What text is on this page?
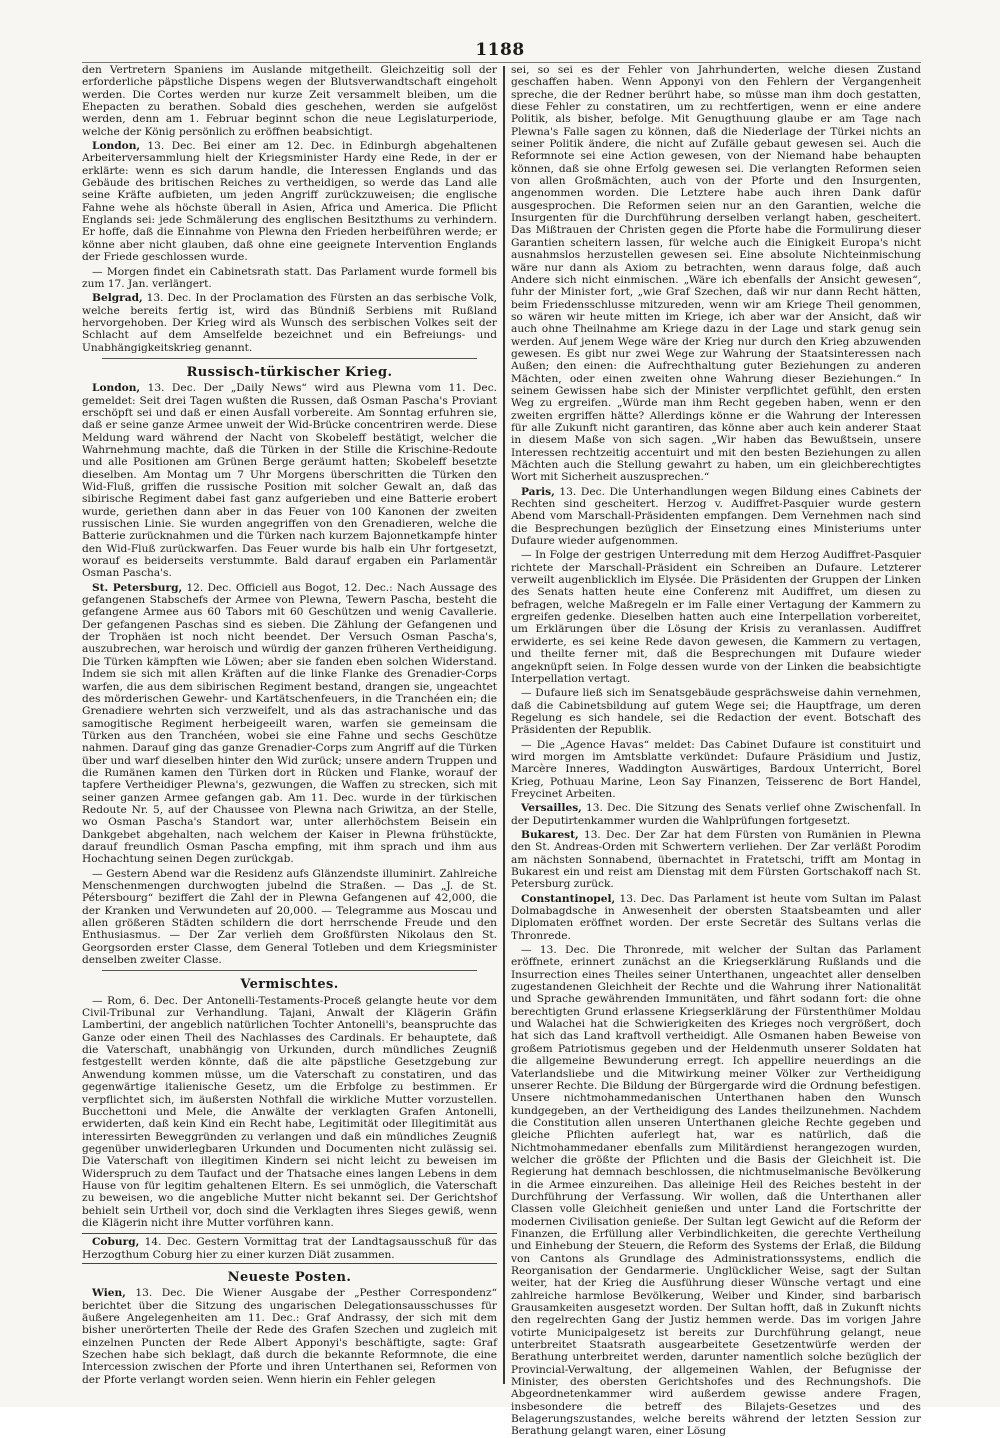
1188

den Vertretern Spaniens im Auslande mitgetheilt. Gleichzeitig soll der erforderliche päpstliche Dispens wegen der Blutsverwandtschaft eingeholt werden. Die Cortes werden nur kurze Zeit versammelt bleiben, um die Ehepacten zu berathen. Sobald dies geschehen, werden sie aufgelöst werden, denn am 1. Februar beginnt schon die neue Legislaturperiode, welche der König persönlich zu eröffnen beabsichtigt.

London, 13. Dec. Bei einer am 12. Dec. in Edinburgh abgehaltenen Arbeiterversammlung hielt der Kriegsminister Hardy eine Rede, in der er erklärte: wenn es sich darum handle, die Interessen Englands und das Gebäude des britischen Reiches zu vertheidigen, so werde das Land alle seine Kräfte aufbieten, um jeden Angriff zurückzuweisen; die englische Fahne wehe als höchste überall in Asien, Africa und America. Die Pflicht Englands sei: jede Schmälerung des englischen Besitzthums zu verhindern. Er hoffe, daß die Einnahme von Plewna den Frieden herbeiführen werde; er könne aber nicht glauben, daß ohne eine geeignete Intervention Englands der Friede geschlossen wurde.

— Morgen findet ein Cabinetsrath statt. Das Parlament wurde formell bis zum 17. Jan. verlängert.

Belgrad, 13. Dec. In der Proclamation des Fürsten an das serbische Volk, welche bereits fertig ist, wird das Bündniß Serbiens mit Rußland hervorgehoben. Der Krieg wird als Wunsch des serbischen Volkes seit der Schlacht auf dem Amselfelde bezeichnet und ein Befreiungs- und Unabhängigkeitskrieg genannt.

Russisch-türkischer Krieg.

London, 13. Dec. Der „Daily News“ wird aus Plewna vom 11. Dec. gemeldet: Seit drei Tagen wußten die Russen, daß Osman Pascha's Proviant erschöpft sei und daß er einen Ausfall vorbereite. Am Sonntag erfuhren sie, daß er seine ganze Armee unweit der Wid-Brücke concentriren werde. Diese Meldung ward während der Nacht von Skobeleff bestätigt, welcher die Wahrnehmung machte, daß die Türken in der Stille die Krischine-Redoute und alle Positionen am Grünen Berge geräumt hatten; Skobeleff besetzte dieselben. Am Montag um 7 Uhr Morgens überschritten die Türken den Wid-Fluß, griffen die russische Position mit solcher Gewalt an, daß das sibirische Regiment dabei fast ganz aufgerieben und eine Batterie erobert wurde, geriethen dann aber in das Feuer von 100 Kanonen der zweiten russischen Linie. Sie wurden angegriffen von den Grenadieren, welche die Batterie zurücknahmen und die Türken nach kurzem Bajonnetkampfe hinter den Wid-Fluß zurückwarfen. Das Feuer wurde bis halb ein Uhr fortgesetzt, worauf es beiderseits verstummte. Bald darauf ergaben ein Parlamentär Osman Pascha's.

St. Petersburg, 12. Dec. Officiell aus Bogot, 12. Dec.: Nach Aussage des gefangenen Stabschefs der Armee von Plewna, Tewern Pascha, besteht die gefangene Armee aus 60 Tabors mit 60 Geschützen und wenig Cavallerie. Der gefangenen Paschas sind es sieben. Die Zählung der Gefangenen und der Trophäen ist noch nicht beendet. Der Versuch Osman Pascha's, auszubrechen, war heroisch und würdig der ganzen früheren Vertheidigung. Die Türken kämpften wie Löwen; aber sie fanden eben solchen Widerstand. Indem sie sich mit allen Kräften auf die linke Flanke des Grenadier-Corps warfen, die aus dem sibirischen Regiment bestand, drangen sie, ungeachtet des mörderischen Gewehr- und Kartätschenfeuers, in die Tranchéen ein; die Grenadiere wehrten sich verzweifelt, und als das astrachanische und das samogitische Regiment herbeigeeilt waren, warfen sie gemeinsam die Türken aus den Tranchéen, wobei sie eine Fahne und sechs Geschütze nahmen. Darauf ging das ganze Grenadier-Corps zum Angriff auf die Türken über und warf dieselben hinter den Wid zurück; unsere andern Truppen und die Rumänen kamen den Türken dort in Rücken und Flanke, worauf der tapfere Vertheidiger Plewna's, gezwungen, die Waffen zu strecken, sich mit seiner ganzen Armee gefangen gab. Am 11. Dec. wurde in der türkischen Redoute Nr. 5, auf der Chaussee von Plewna nach Griwitza, an der Stelle, wo Osman Pascha's Standort war, unter allerhöchstem Beisein ein Dankgebet abgehalten, nach welchem der Kaiser in Plewna frühstückte, darauf freundlich Osman Pascha empfing, mit ihm sprach und ihm aus Hochachtung seinen Degen zurückgab.

— Gestern Abend war die Residenz aufs Glänzendste illuminirt. Zahlreiche Menschenmengen durchwogten jubelnd die Straßen. — Das „J. de St. Pétersbourg“ beziffert die Zahl der in Plewna Gefangenen auf 42,000, die der Kranken und Verwundeten auf 20,000. — Telegramme aus Moscau und allen größeren Städten schildern die dort herrschende Freude und den Enthusiasmus. — Der Zar verlieh dem Großfürsten Nikolaus den St. Georgsorden erster Classe, dem General Totleben und dem Kriegsminister denselben zweiter Classe.

Vermischtes.

— Rom, 6. Dec. Der Antonelli-Testaments-Proceß gelangte heute vor dem Civil-Tribunal zur Verhandlung. Tajani, Anwalt der Klägerin Gräfin Lambertini, der angeblich natürlichen Tochter Antonelli's, beanspruchte das Ganze oder einen Theil des Nachlasses des Cardinals. Er behauptete, daß die Vaterschaft, unabhängig von Urkunden, durch mündliches Zeugniß festgestellt werden könnte, daß die alte päpstliche Gesetzgebung zur Anwendung kommen müsse, um die Vaterschaft zu constatiren, und das gegenwärtige italienische Gesetz, um die Erbfolge zu bestimmen. Er verpflichtet sich, im äußersten Nothfall die wirkliche Mutter vorzustellen. Bucchettoni und Mele, die Anwälte der verklagten Grafen Antonelli, erwiderten, daß kein Kind ein Recht habe, Legitimität oder Illegitimität aus interessirten Beweggründen zu verlangen und daß ein mündliches Zeugniß gegenüber unwiderlegbaren Urkunden und Documenten nicht zulässig sei. Die Vaterschaft von illegitimen Kindern sei nicht leicht zu beweisen im Widerspruch zu dem Taufact und der Thatsache eines langen Lebens in dem Hause von für legitim gehaltenen Eltern. Es sei unmöglich, die Vaterschaft zu beweisen, wo die angebliche Mutter nicht bekannt sei. Der Gerichtshof behielt sein Urtheil vor, doch sind die Verklagten ihres Sieges gewiß, wenn die Klägerin nicht ihre Mutter vorführen kann.

Coburg, 14. Dec. Gestern Vormittag trat der Landtagsausschuß für das Herzogthum Coburg hier zu einer kurzen Diät zusammen.

Neueste Posten.

Wien, 13. Dec. Die Wiener Ausgabe der „Pesther Correspondenz“ berichtet über die Sitzung des ungarischen Delegationsausschusses für äußere Angelegenheiten am 11. Dec.: Graf Andrassy, der sich mit dem bisher unerörterten Theile der Rede des Grafen Szechen und zugleich mit einzelnen Puncten der Rede Albert Apponyi's beschäftigte, sagte: Graf Szechen habe sich beklagt, daß durch die bekannte Reformnote, die eine Intercession zwischen der Pforte und ihren Unterthanen sei, Reformen von der Pforte verlangt worden seien. Wenn hierin ein Fehler gelegen

sei, so sei es der Fehler von Jahrhunderten, welche diesen Zustand geschaffen haben. Wenn Apponyi von den Fehlern der Vergangenheit spreche, die der Redner berührt habe, so müsse man ihm doch gestatten, diese Fehler zu constatiren, um zu rechtfertigen, wenn er eine andere Politik, als bisher, befolge. Mit Genugthuung glaube er am Tage nach Plewna's Falle sagen zu können, daß die Niederlage der Türkei nichts an seiner Politik ändere, die nicht auf Zufälle gebaut gewesen sei. Auch die Reformnote sei eine Action gewesen, von der Niemand habe behaupten können, daß sie ohne Erfolg gewesen sei. Die verlangten Reformen seien von allen Großmächten, auch von der Pforte und den Insurgenten, angenommen worden. Die Letztere habe auch ihren Dank dafür ausgesprochen. Die Reformen seien nur an den Garantien, welche die Insurgenten für die Durchführung derselben verlangt haben, gescheitert. Das Mißtrauen der Christen gegen die Pforte habe die Formulirung dieser Garantien scheitern lassen, für welche auch die Einigkeit Europa's nicht ausnahmslos herzustellen gewesen sei. Eine absolute Nichteinmischung wäre nur dann als Axiom zu betrachten, wenn daraus folge, daß auch Andere sich nicht einmischen. „Wäre ich ebenfalls der Ansicht gewesen“, fuhr der Minister fort, „wie Graf Szechen, daß wir nur dann Recht hätten, beim Friedensschlusse mitzureden, wenn wir am Kriege Theil genommen, so wären wir heute mitten im Kriege, ich aber war der Ansicht, daß wir auch ohne Theilnahme am Kriege dazu in der Lage und stark genug sein werden. Auf jenem Wege wäre der Krieg nur durch den Krieg abzuwenden gewesen. Es gibt nur zwei Wege zur Wahrung der Staatsinteressen nach Außen; den einen: die Aufrechthaltung guter Beziehungen zu anderen Mächten, oder einen zweiten ohne Wahrung dieser Beziehungen.“ In seinem Gewissen habe sich der Minister verpflichtet gefühlt, den ersten Weg zu ergreifen. „Würde man ihm Recht gegeben haben, wenn er den zweiten ergriffen hätte? Allerdings könne er die Wahrung der Interessen für alle Zukunft nicht garantiren, das könne aber auch kein anderer Staat in diesem Maße von sich sagen. „Wir haben das Bewußtsein, unsere Interessen rechtzeitig accentuirt und mit den besten Beziehungen zu allen Mächten auch die Stellung gewahrt zu haben, um ein gleichberechtigtes Wort mit Sicherheit auszusprechen.“

Paris, 13. Dec. Die Unterhandlungen wegen Bildung eines Cabinets der Rechten sind gescheitert. Herzog v. Audiffret-Pasquier wurde gestern Abend vom Marschall-Präsidenten empfangen. Dem Vernehmen nach sind die Besprechungen bezüglich der Einsetzung eines Ministeriums unter Dufaure wieder aufgenommen.

— In Folge der gestrigen Unterredung mit dem Herzog Audiffret-Pasquier richtete der Marschall-Präsident ein Schreiben an Dufaure. Letzterer verweilt augenblicklich im Elysée. Die Präsidenten der Gruppen der Linken des Senats hatten heute eine Conferenz mit Audiffret, um diesen zu befragen, welche Maßregeln er im Falle einer Vertagung der Kammern zu ergreifen gedenke. Dieselben hatten auch eine Interpellation vorbereitet, um Erklärungen über die Lösung der Krisis zu veranlassen. Audiffret erwiderte, es sei keine Rede davon gewesen, die Kammern zu vertagen, und theilte ferner mit, daß die Besprechungen mit Dufaure wieder angeknüpft seien. In Folge dessen wurde von der Linken die beabsichtigte Interpellation vertagt.

— Dufaure ließ sich im Senatsgebäude gesprächsweise dahin vernehmen, daß die Cabinetsbildung auf gutem Wege sei; die Hauptfrage, um deren Regelung es sich handele, sei die Redaction der event. Botschaft des Präsidenten der Republik.

— Die „Agence Havas“ meldet: Das Cabinet Dufaure ist constituirt und wird morgen im Amtsblatte verkündet: Dufaure Präsidium und Justiz, Marcère Inneres, Waddington Auswärtiges, Bardoux Unterricht, Borel Krieg, Pothuau Marine, Leon Say Finanzen, Teisserenc de Bort Handel, Freycinet Arbeiten.

Versailles, 13. Dec. Die Sitzung des Senats verlief ohne Zwischenfall. In der Deputirtenkammer wurden die Wahlprüfungen fortgesetzt.

Bukarest, 13. Dec. Der Zar hat dem Fürsten von Rumänien in Plewna den St. Andreas-Orden mit Schwertern verliehen. Der Zar verläßt Porodim am nächsten Sonnabend, übernachtet in Fratetschi, trifft am Montag in Bukarest ein und reist am Dienstag mit dem Fürsten Gortschakoff nach St. Petersburg zurück.

Constantinopel, 13. Dec. Das Parlament ist heute vom Sultan im Palast Dolmabagdsche in Anwesenheit der obersten Staatsbeamten und aller Diplomaten eröffnet worden. Der erste Secretär des Sultans verlas die Thronrede.

— 13. Dec. Die Thronrede, mit welcher der Sultan das Parlament eröffnete, erinnert zunächst an die Kriegserklärung Rußlands und die Insurrection eines Theiles seiner Unterthanen, ungeachtet aller denselben zugestandenen Gleichheit der Rechte und die Wahrung ihrer Nationalität und Sprache gewährenden Immunitäten, und fährt sodann fort: die ohne berechtigten Grund erlassene Kriegserklärung der Fürstenthümer Moldau und Walachei hat die Schwierigkeiten des Krieges noch vergrößert, doch hat sich das Land kraftvoll vertheidigt. Alle Osmanen haben Beweise von großem Patriotismus gegeben und der Heldenmuth unserer Soldaten hat die allgemeine Bewunderung erregt. Ich appellire neuerdings an die Vaterlandsliebe und die Mitwirkung meiner Völker zur Vertheidigung unserer Rechte. Die Bildung der Bürgergarde wird die Ordnung befestigen. Unsere nichtmohammedanischen Unterthanen haben den Wunsch kundgegeben, an der Vertheidigung des Landes theilzunehmen. Nachdem die Constitution allen unseren Unterthanen gleiche Rechte gegeben und gleiche Pflichten auferlegt hat, war es natürlich, daß die Nichtmohammedaner ebenfalls zum Militärdienst herangezogen wurden, welcher die größte der Pflichten und die Basis der Gleichheit ist. Die Regierung hat demnach beschlossen, die nichtmuselmanische Bevölkerung in die Armee einzureihen. Das alleinige Heil des Reiches besteht in der Durchführung der Verfassung. Wir wollen, daß die Unterthanen aller Classen volle Gleichheit genießen und unter Land die Fortschritte der modernen Civilisation genieße. Der Sultan legt Gewicht auf die Reform der Finanzen, die Erfüllung aller Verbindlichkeiten, die gerechte Vertheilung und Einhebung der Steuern, die Reform des Systems der Erlaß, die Bildung von Cantons als Grundlage des Administrationssystems, endlich die Reorganisation der Gendarmerie. Unglücklicher Weise, sagt der Sultan weiter, hat der Krieg die Ausführung dieser Wünsche vertagt und eine zahlreiche harmlose Bevölkerung, Weiber und Kinder, sind barbarisch Grausamkeiten ausgesetzt worden. Der Sultan hofft, daß in Zukunft nichts den regelrechten Gang der Justiz hemmen werde. Das im vorigen Jahre votirte Municipalgesetz ist bereits zur Durchführung gelangt, neue unterbreitet Staatsrath ausgearbeitete Gesetzentwürfe werden der Berathung unterbreitet werden, darunter namentlich solche bezüglich der Provincial-Verwaltung, der allgemeinen Wahlen, der Befugnisse der Minister, des obersten Gerichtshofes und des Rechnungshofs. Die Abgeordnetenkammer wird außerdem gewisse andere Fragen, insbesondere die betreff des Bilajets-Gesetzes und des Belagerungszustandes, welche bereits während der letzten Session zur Berathung gelangt waren, einer Lösung
